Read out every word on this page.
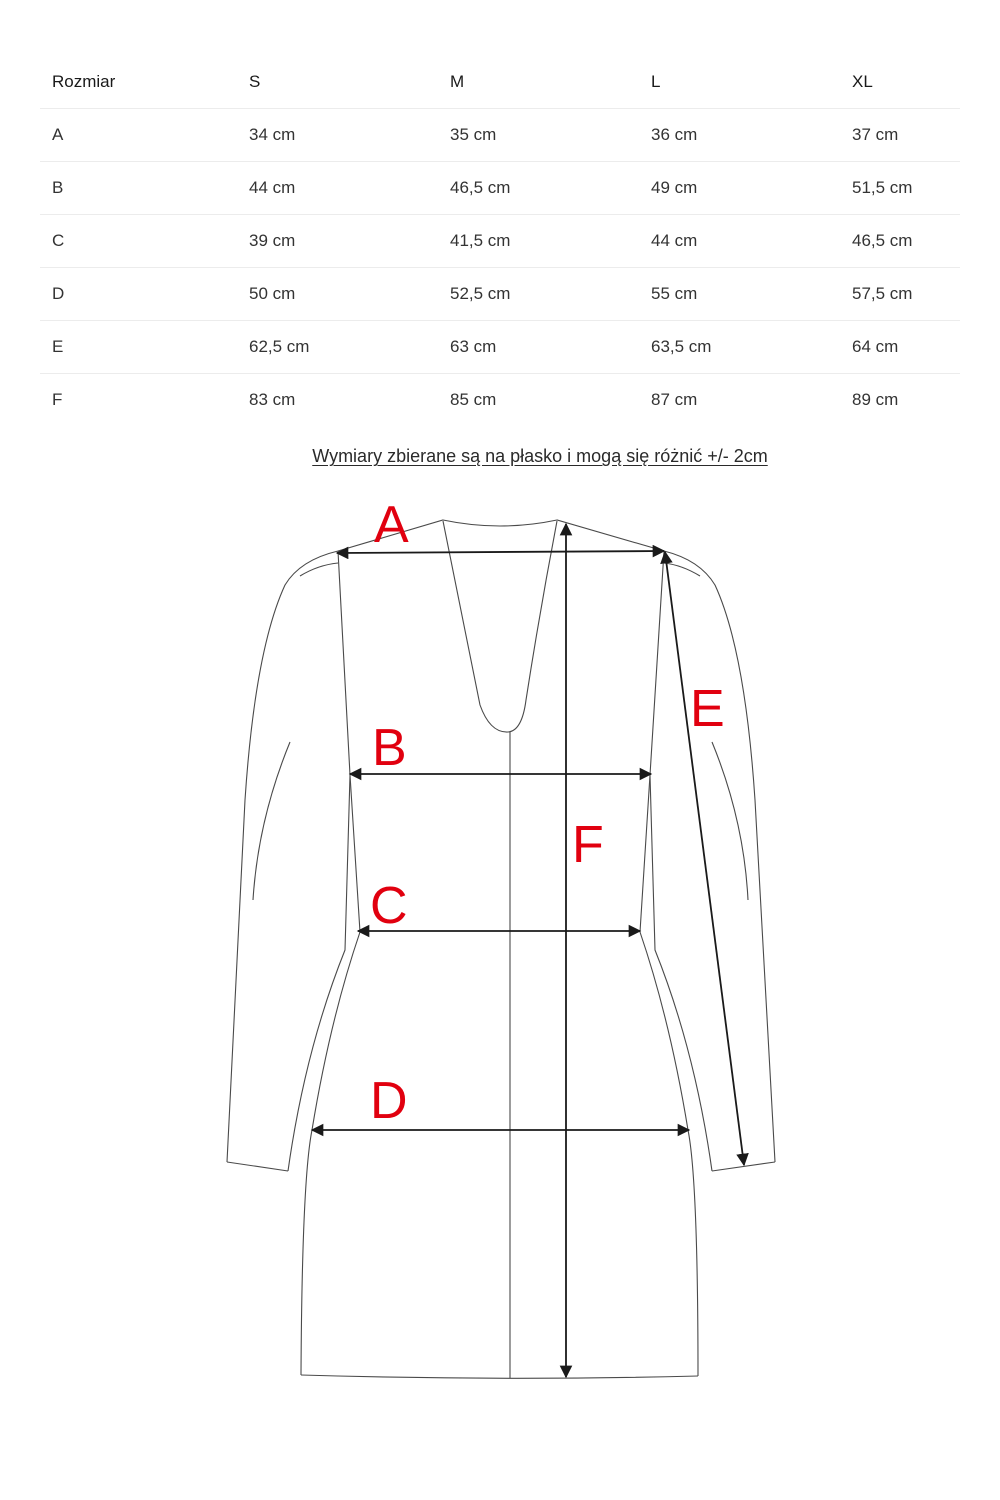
Rozmiar	S	M	L	XL
A	34 cm	35 cm	36 cm	37 cm
B	44 cm	46,5 cm	49 cm	51,5 cm
C	39 cm	41,5 cm	44 cm	46,5 cm
D	50 cm	52,5 cm	55 cm	57,5 cm
E	62,5 cm	63 cm	63,5 cm	64 cm
F	83 cm	85 cm	87 cm	89 cm
Wymiary zbierane są na płasko i mogą się różnić +/- 2cm
A
B
C
D
E
F
